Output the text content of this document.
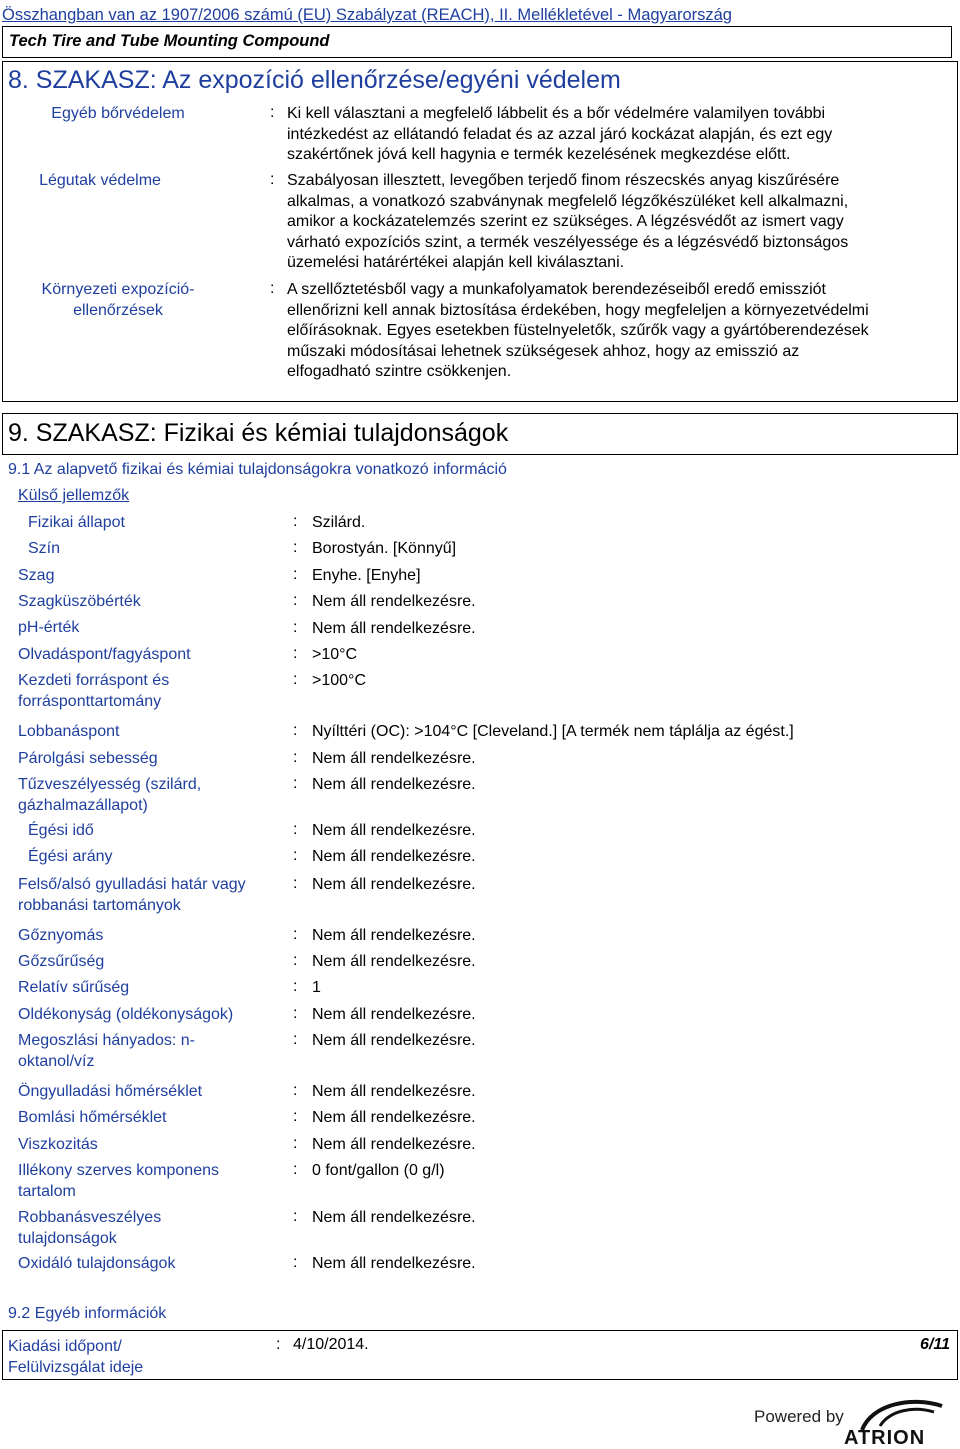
Összhangban van az 1907/2006 számú (EU) Szabályzat (REACH), II. Mellékletével - Magyarország
Tech Tire and Tube Mounting Compound
8. SZAKASZ: Az expozíció ellenőrzése/egyéni védelem
Egyéb bőrvédelem	: Ki kell választani a megfelelő lábbelit és a bőr védelmére valamilyen további
intézkedést az ellátandó feladat és az azzal járó kockázat alapján, és ezt egy
szakértőnek jóvá kell hagynia e termék kezelésének megkezdése előtt.
Légutak védelme	: Szabályosan illesztett, levegőben terjedő finom részecskés anyag kiszűrésére
alkalmas, a vonatkozó szabványnak megfelelő légzőkészüléket kell alkalmazni,
amikor a kockázatelemzés szerint ez szükséges. A légzésvédőt az ismert vagy
várható expozíciós szint, a termék veszélyessége és a légzésvédő biztonságos
üzemelési határértékei alapján kell kiválasztani.
Környezeti expozíció-
ellenőrzések
: A szellőztetésből vagy a munkafolyamatok berendezéseiből eredő emissziót
ellenőrizni kell annak biztosítása érdekében, hogy megfeleljen a környezetvédelmi
előírásoknak. Egyes esetekben füstelnyeletők, szűrők vagy a gyártóberendezések
műszaki módosításai lehetnek szükségesek ahhoz, hogy az emisszió az
elfogadható szintre csökkenjen.
9. SZAKASZ: Fizikai és kémiai tulajdonságok
9.1 Az alapvető fizikai és kémiai tulajdonságokra vonatkozó információ
Külső jellemzők
Fizikai állapot	: Szilárd.
Szín	: Borostyán. [Könnyű]
Szag	: Enyhe. [Enyhe]
Szagküszöbérték	: Nem áll rendelkezésre.
pH-érték	: Nem áll rendelkezésre.
Olvadáspont/fagyáspont	: >10°C
Kezdeti forráspont és forrásponttartomány
: >100°C
Lobbanáspont	: Nyílttéri (OC): >104°C [Cleveland.] [A termék nem táplálja az égést.]
Párolgási sebesség	: Nem áll rendelkezésre.
Tűzveszélyesség (szilárd, gázhalmazállapot)
: Nem áll rendelkezésre.
Égési idő	: Nem áll rendelkezésre.
Égési arány	: Nem áll rendelkezésre.
Felső/alsó gyulladási határ vagy robbanási tartományok
: Nem áll rendelkezésre.
Gőznyomás	: Nem áll rendelkezésre.
Gőzsűrűség	: Nem áll rendelkezésre.
Relatív sűrűség	: 1
Oldékonyság (oldékonyságok)	: Nem áll rendelkezésre.
Megoszlási hányados: n-oktanol/víz
: Nem áll rendelkezésre.
Öngyulladási hőmérséklet	: Nem áll rendelkezésre.
Bomlási hőmérséklet	: Nem áll rendelkezésre.
Viszkozitás	: Nem áll rendelkezésre.
Illékony szerves komponens tartalom
: 0 font/gallon (0 g/l)
Robbanásveszélyes tulajdonságok
: Nem áll rendelkezésre.
Oxidáló tulajdonságok	: Nem áll rendelkezésre.
9.2 Egyéb információk
Kiadási időpont/
Felülvizsgálat ideje
: 4/10/2014.	6/11
Powered by
ATRION
